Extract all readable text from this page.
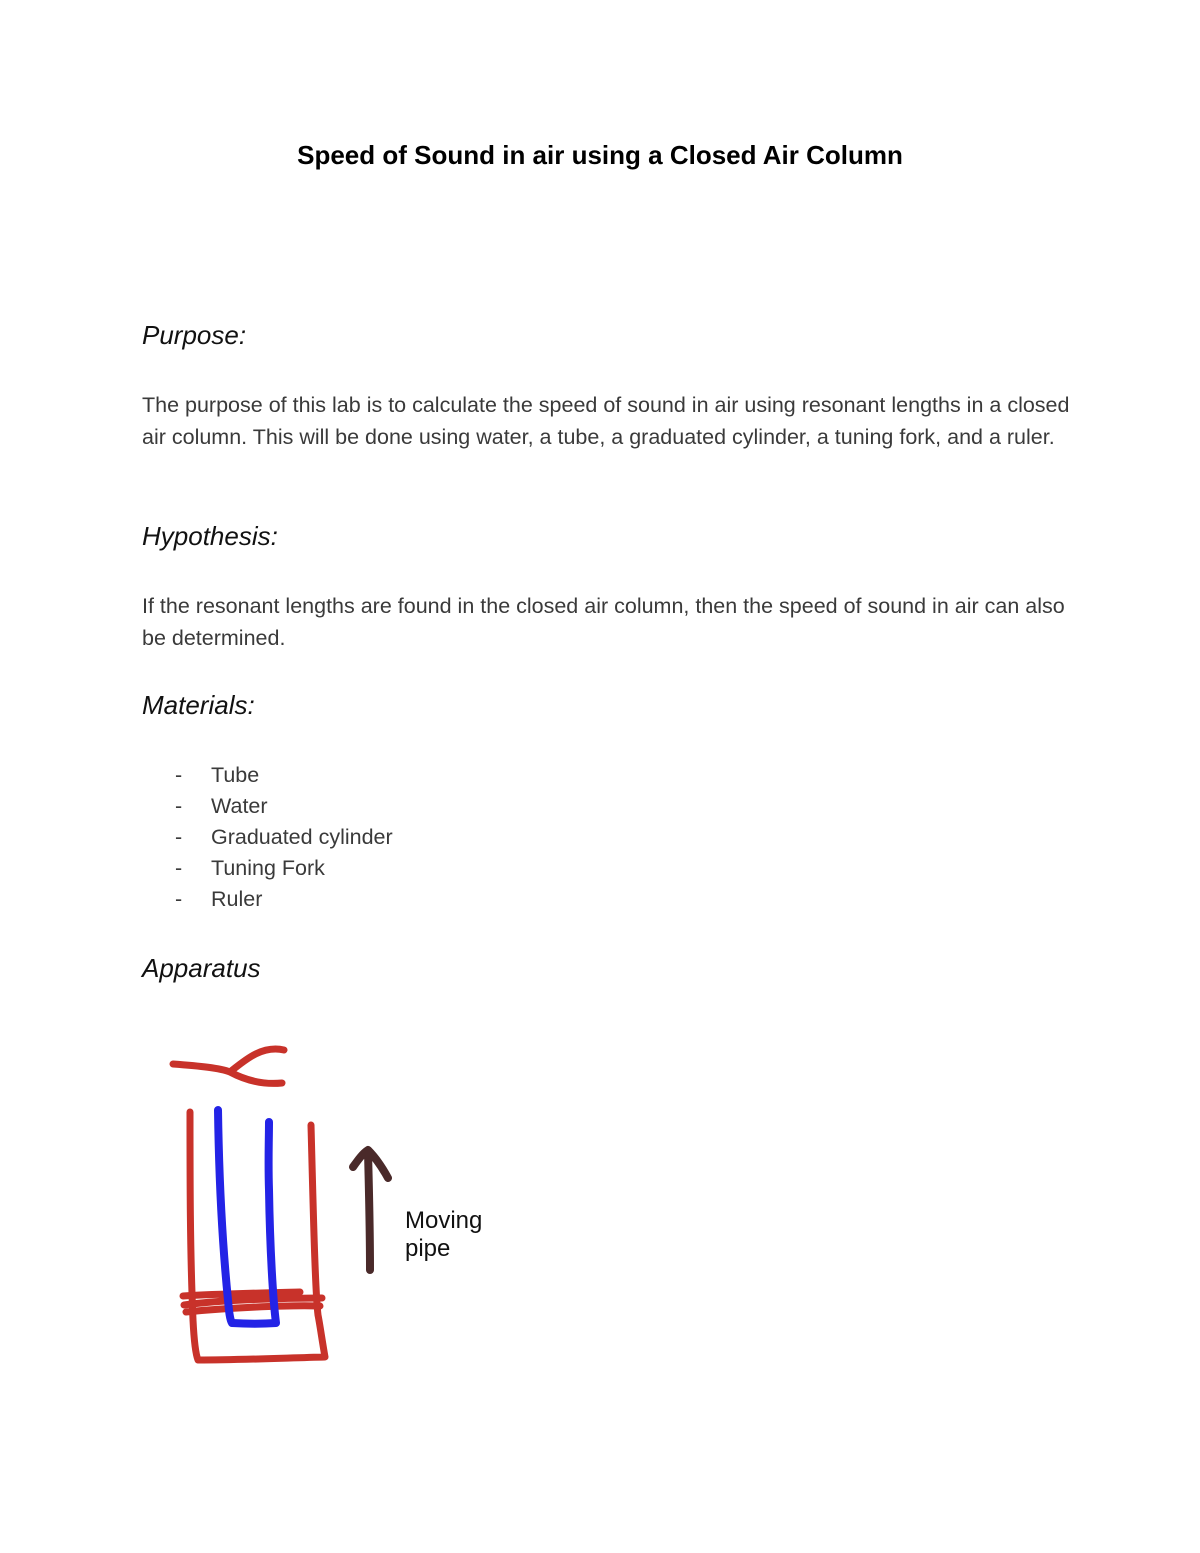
Speed of Sound in air using a Closed Air Column
Purpose:

The purpose of this lab is to calculate the speed of sound in air using resonant lengths in a closed air column. This will be done using water, a tube, a graduated cylinder, a tuning fork, and a ruler.

Hypothesis:

If the resonant lengths are found in the closed air column, then the speed of sound in air can also be determined.

Materials:
- Tube
- Water
- Graduated cylinder
- Tuning Fork
- Ruler
Apparatus
Moving
pipe
